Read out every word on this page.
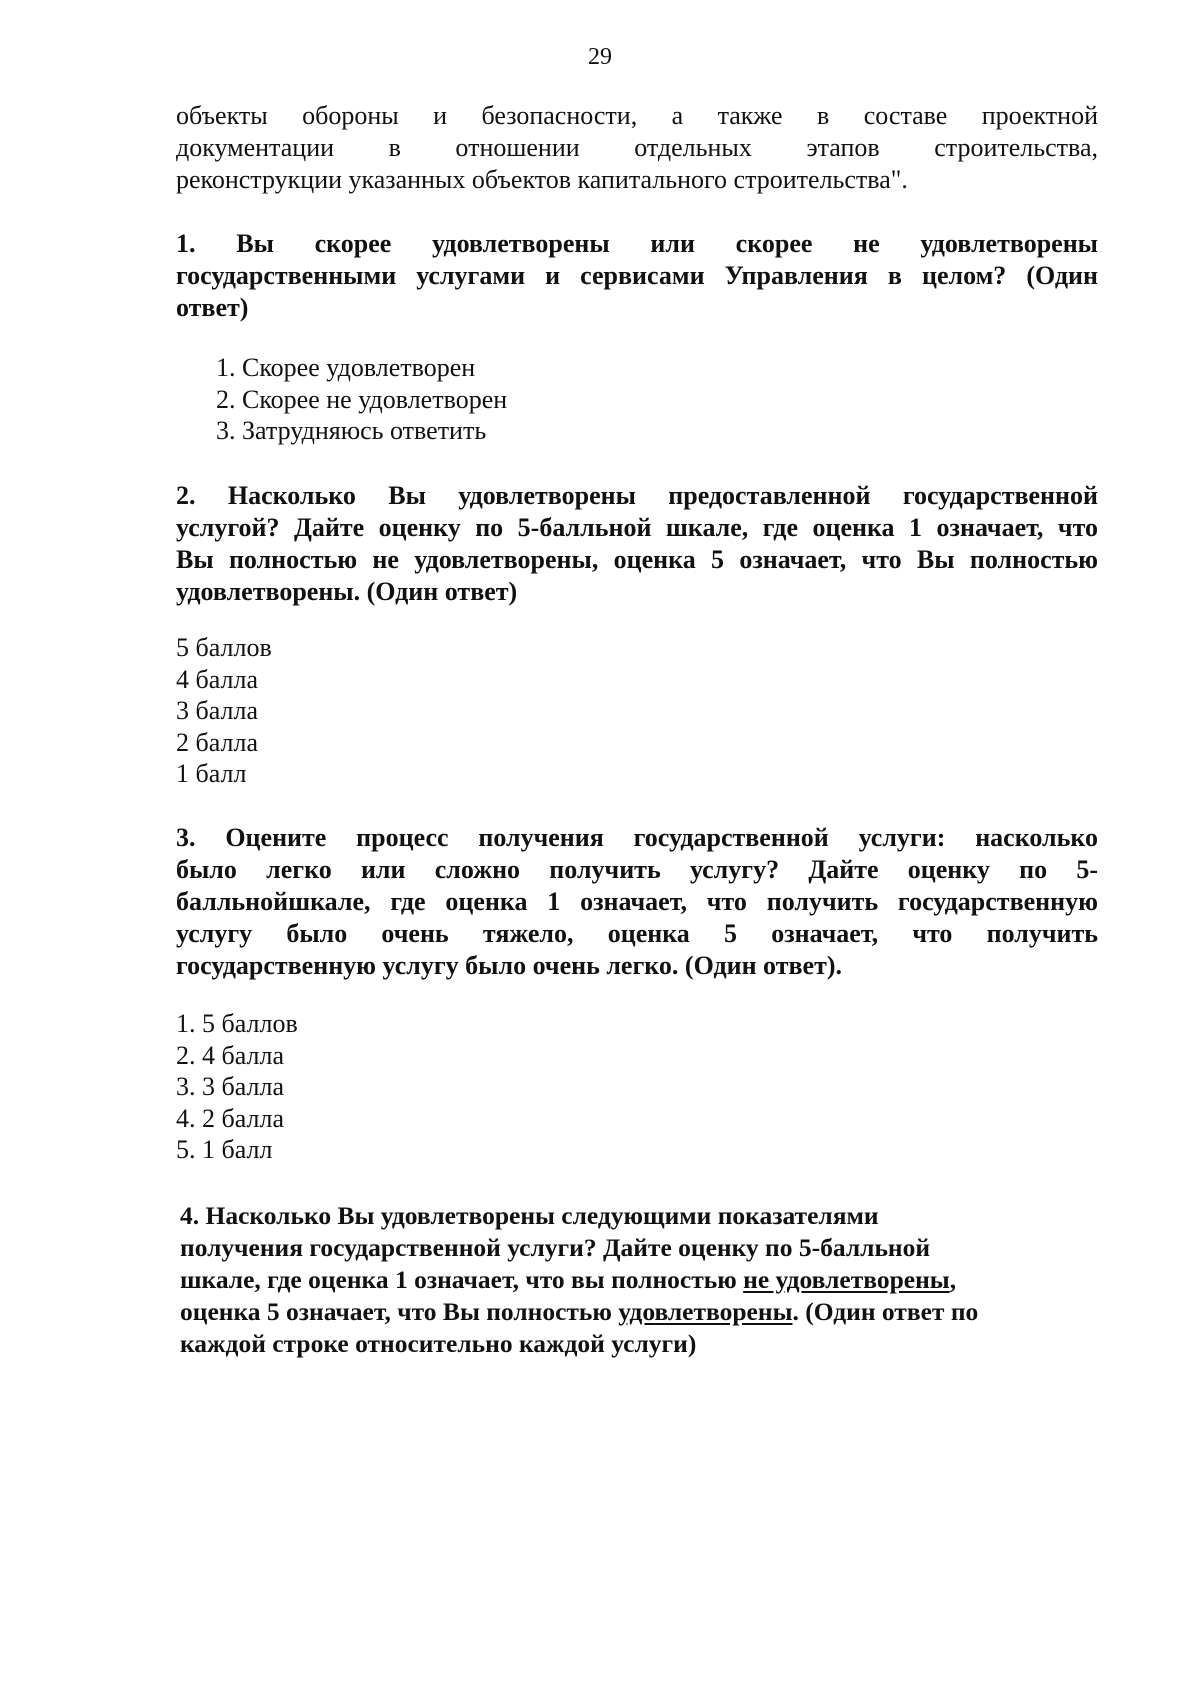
29
объекты обороны и безопасности, а также в составе проектной
документации в отношении отдельных этапов строительства,
реконструкции указанных объектов капитального строительства".
1. Вы скорее удовлетворены или скорее не удовлетворены
государственными услугами и сервисами Управления в целом? (Один
ответ)
1. Скорее удовлетворен
2. Скорее не удовлетворен
3. Затрудняюсь ответить
2. Насколько Вы удовлетворены предоставленной государственной
услугой? Дайте оценку по 5-балльной шкале, где оценка 1 означает, что
Вы полностью не удовлетворены, оценка 5 означает, что Вы полностью
удовлетворены. (Один ответ)
5 баллов
4 балла
3 балла
2 балла
1 балл
3. Оцените процесс получения государственной услуги: насколько
было легко или сложно получить услугу? Дайте оценку по 5-
балльнойшкале, где оценка 1 означает, что получить государственную
услугу было очень тяжело, оценка 5 означает, что получить
государственную услугу было очень легко. (Один ответ).
1. 5 баллов
2. 4 балла
3. 3 балла
4. 2 балла
5. 1 балл
4. Насколько Вы удовлетворены следующими показателями
получения государственной услуги? Дайте оценку по 5-балльной
шкале, где оценка 1 означает, что вы полностью не удовлетворены,
оценка 5 означает, что Вы полностью удовлетворены. (Один ответ по
каждой строке относительно каждой услуги)
